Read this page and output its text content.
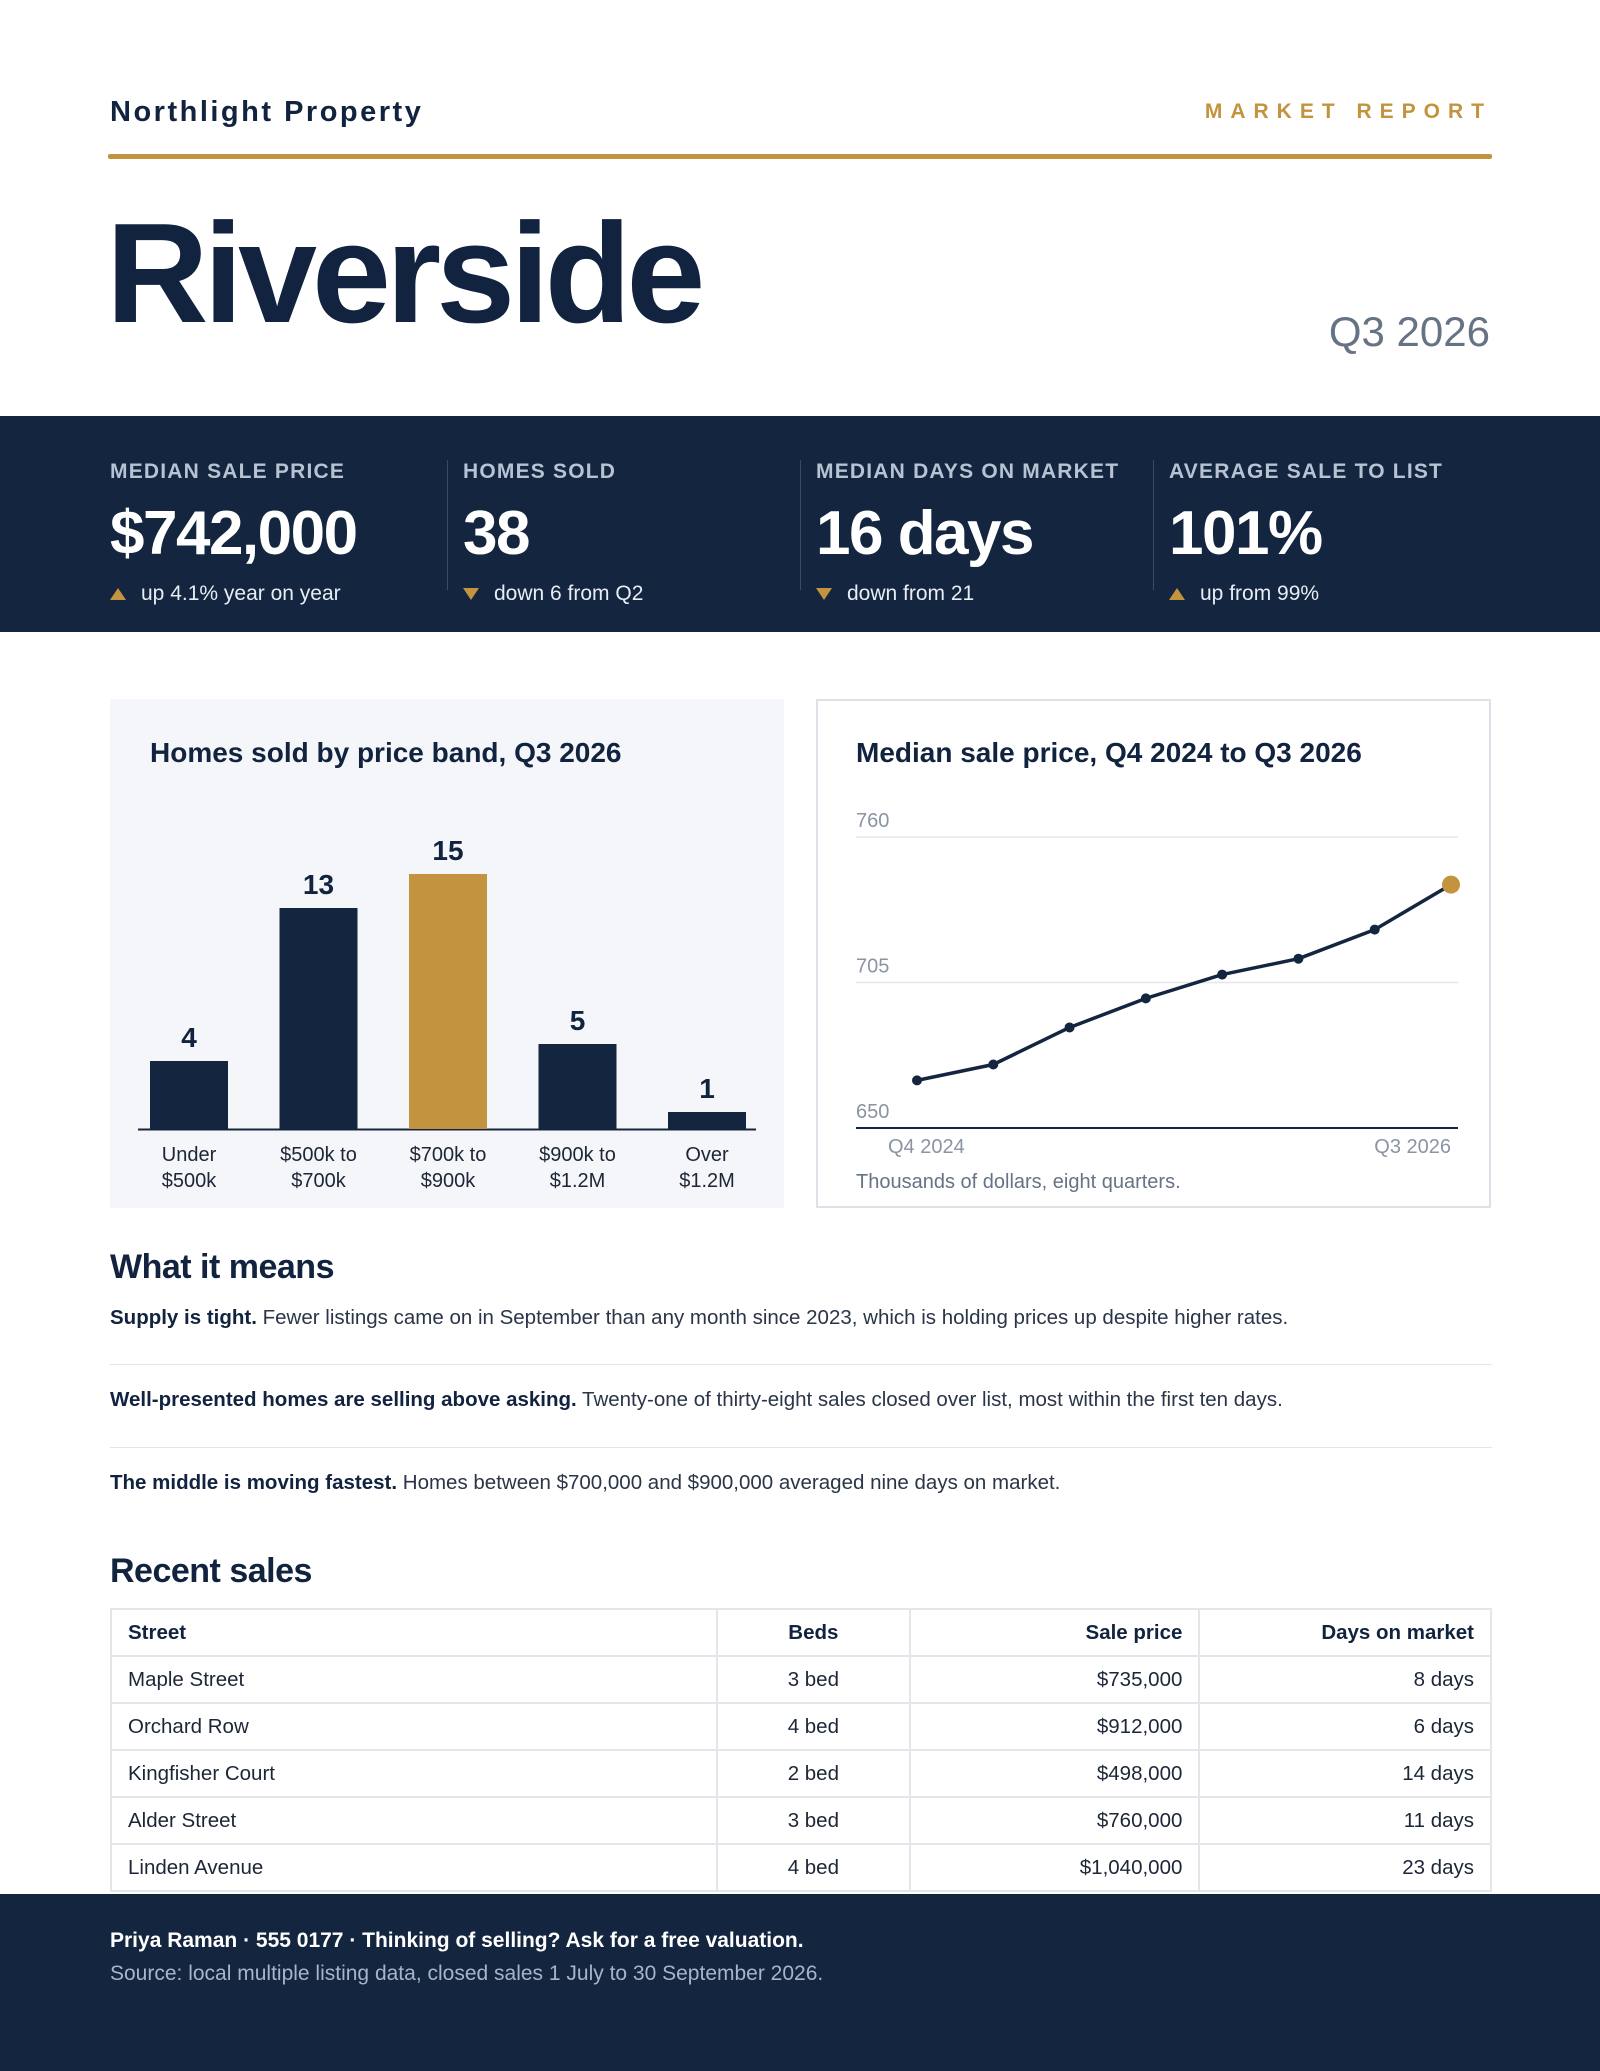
Northlight Property	MARKET REPORT
Riverside	Q3 2026
MEDIAN SALE PRICE
$742,000
up 4.1% year on year
HOMES SOLD
38
down 6 from Q2
MEDIAN DAYS ON MARKET
16 days
down from 21
AVERAGE SALE TO LIST
101%
up from 99%
Homes sold by price band, Q3 2026
4
Under
$500k
13
$500k to
$700k
15
$700k to
$900k
5
$900k to
$1.2M
1
Over
$1.2M
Median sale price, Q4 2024 to Q3 2026
760
705
650
Q4 2024	Q3 2026
Thousands of dollars, eight quarters.
What it means
Supply is tight. Fewer listings came on in September than any month since 2023, which is holding prices up despite higher rates.
Well-presented homes are selling above asking. Twenty-one of thirty-eight sales closed over list, most within the first ten days.
The middle is moving fastest. Homes between $700,000 and $900,000 averaged nine days on market.
Recent sales
Street	Beds	Sale price	Days on market
Maple Street	3 bed	$735,000	8 days
Orchard Row	4 bed	$912,000	6 days
Kingfisher Court	2 bed	$498,000	14 days
Alder Street	3 bed	$760,000	11 days
Linden Avenue	4 bed	$1,040,000	23 days
Priya Raman · 555 0177 · Thinking of selling? Ask for a free valuation.
Source: local multiple listing data, closed sales 1 July to 30 September 2026.
